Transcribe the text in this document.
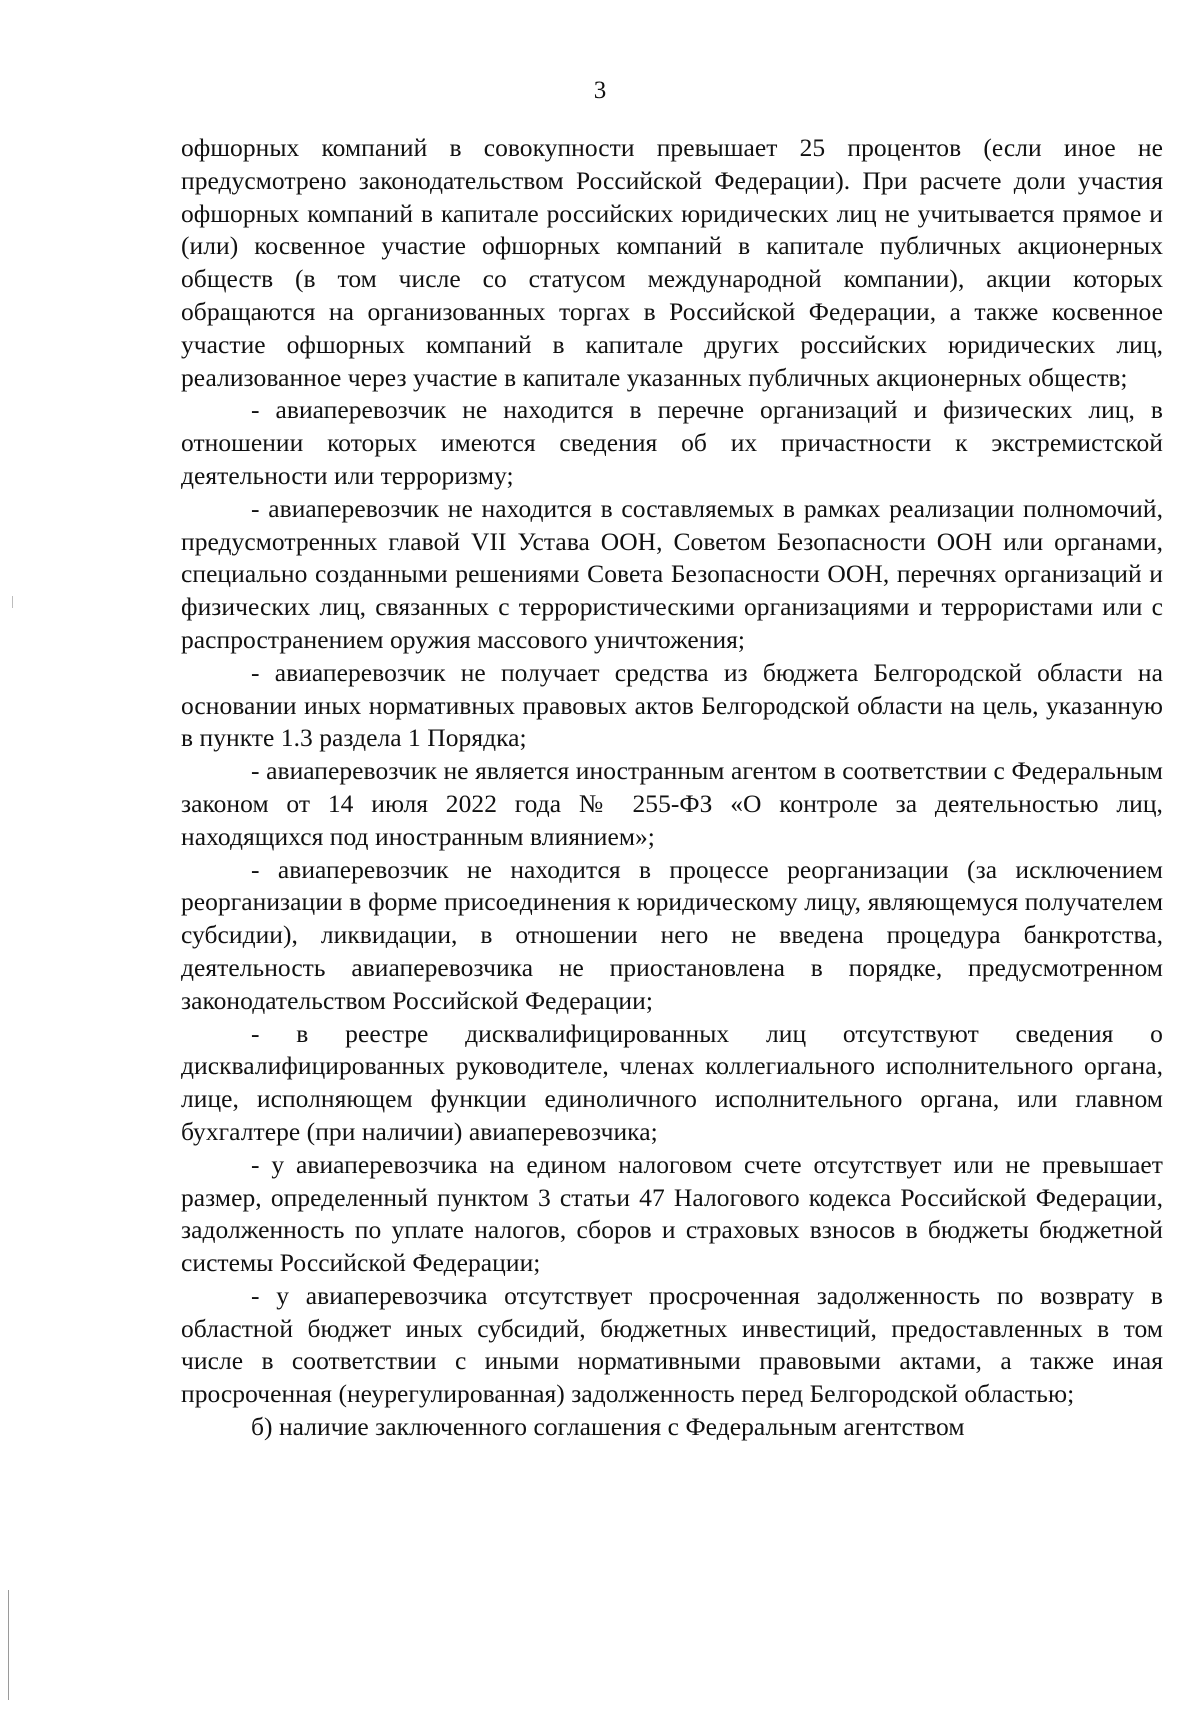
3

офшорных компаний в совокупности превышает 25 процентов (если иное не предусмотрено законодательством Российской Федерации). При расчете доли участия офшорных компаний в капитале российских юридических лиц не учитывается прямое и (или) косвенное участие офшорных компаний в капитале публичных акционерных обществ (в том числе со статусом международной компании), акции которых обращаются на организованных торгах в Российской Федерации, а также косвенное участие офшорных компаний в капитале других российских юридических лиц, реализованное через участие в капитале указанных публичных акционерных обществ;

- авиаперевозчик не находится в перечне организаций и физических лиц, в отношении которых имеются сведения об их причастности к экстремистской деятельности или терроризму;

- авиаперевозчик не находится в составляемых в рамках реализации полномочий, предусмотренных главой VII Устава ООН, Советом Безопасности ООН или органами, специально созданными решениями Совета Безопасности ООН, перечнях организаций и физических лиц, связанных с террористическими организациями и террористами или с распространением оружия массового уничтожения;

- авиаперевозчик не получает средства из бюджета Белгородской области на основании иных нормативных правовых актов Белгородской области на цель, указанную в пункте 1.3 раздела 1 Порядка;

- авиаперевозчик не является иностранным агентом в соответствии с Федеральным законом от 14 июля 2022 года № 255-ФЗ «О контроле за деятельностью лиц, находящихся под иностранным влиянием»;

- авиаперевозчик не находится в процессе реорганизации (за исключением реорганизации в форме присоединения к юридическому лицу, являющемуся получателем субсидии), ликвидации, в отношении него не введена процедура банкротства, деятельность авиаперевозчика не приостановлена в порядке, предусмотренном законодательством Российской Федерации;

- в реестре дисквалифицированных лиц отсутствуют сведения о дисквалифицированных руководителе, членах коллегиального исполнительного органа, лице, исполняющем функции единоличного исполнительного органа, или главном бухгалтере (при наличии) авиаперевозчика;

- у авиаперевозчика на едином налоговом счете отсутствует или не превышает размер, определенный пунктом 3 статьи 47 Налогового кодекса Российской Федерации, задолженность по уплате налогов, сборов и страховых взносов в бюджеты бюджетной системы Российской Федерации;

- у авиаперевозчика отсутствует просроченная задолженность по возврату в областной бюджет иных субсидий, бюджетных инвестиций, предоставленных в том числе в соответствии с иными нормативными правовыми актами, а также иная просроченная (неурегулированная) задолженность перед Белгородской областью;

б) наличие заключенного соглашения с Федеральным агентством
